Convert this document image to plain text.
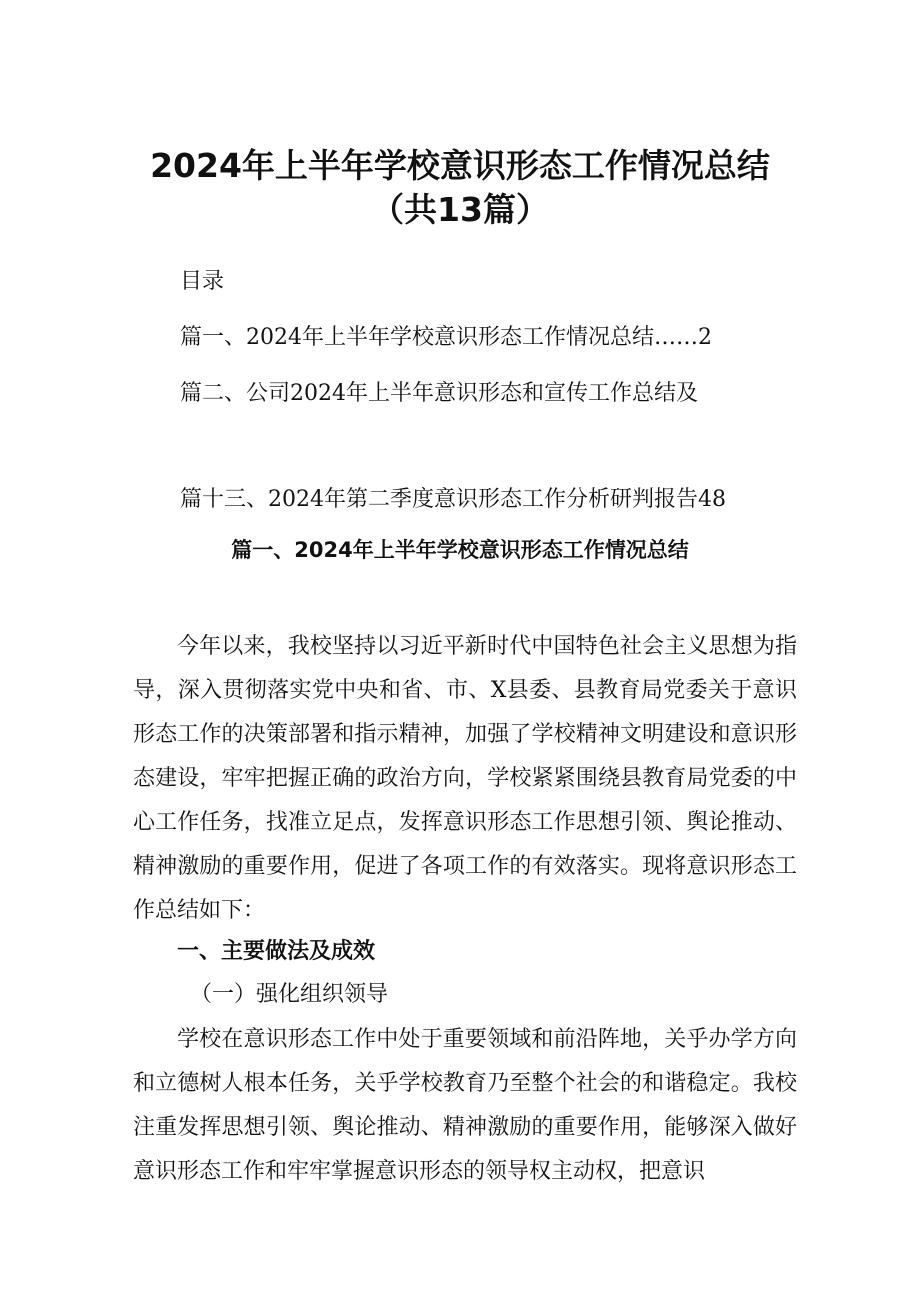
2024年上半年学校意识形态工作情况总结
（共13篇）
目录
篇一、2024年上半年学校意识形态工作情况总结……2
篇二、公司2024年上半年意识形态和宣传工作总结及
篇十三、2024年第二季度意识形态工作分析研判报告48
篇一、2024年上半年学校意识形态工作情况总结
今年以来，我校坚持以习近平新时代中国特色社会主义思想为指导，深入贯彻落实党中央和省、市、X县委、县教育局党委关于意识形态工作的决策部署和指示精神，加强了学校精神文明建设和意识形态建设，牢牢把握正确的政治方向，学校紧紧围绕县教育局党委的中心工作任务，找准立足点，发挥意识形态工作思想引领、舆论推动、精神激励的重要作用，促进了各项工作的有效落实。现将意识形态工作总结如下：
一、主要做法及成效
（一）强化组织领导
学校在意识形态工作中处于重要领域和前沿阵地，关乎办学方向和立德树人根本任务，关乎学校教育乃至整个社会的和谐稳定。我校注重发挥思想引领、舆论推动、精神激励的重要作用，能够深入做好意识形态工作和牢牢掌握意识形态的领导权主动权，把意识
